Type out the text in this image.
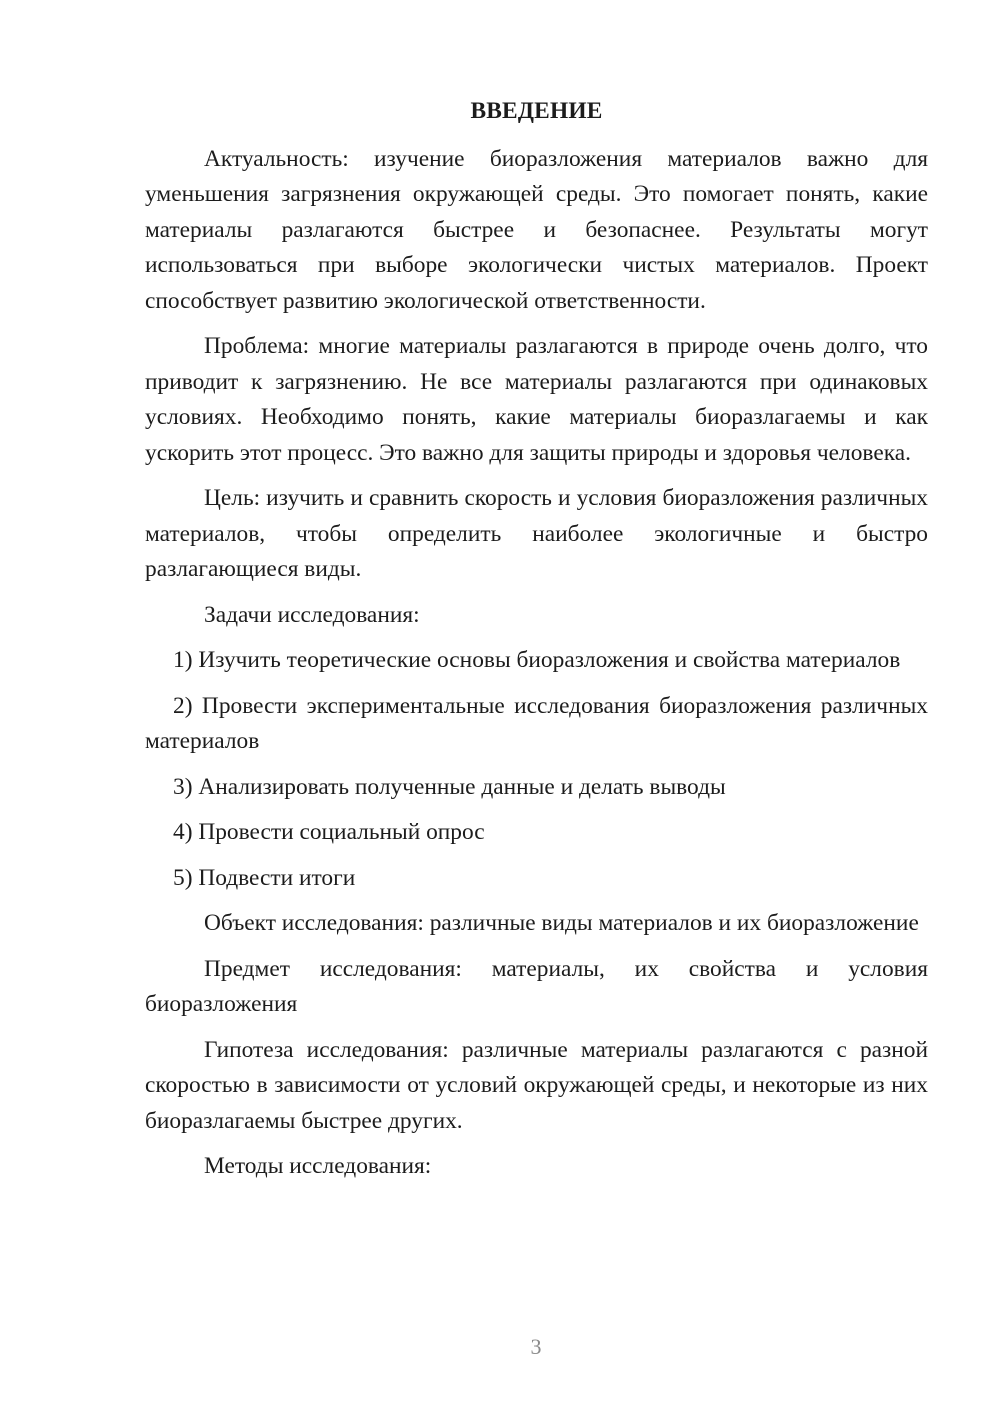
ВВЕДЕНИЕ

Актуальность: изучение биоразложения материалов важно для уменьшения загрязнения окружающей среды. Это помогает понять, какие материалы разлагаются быстрее и безопаснее. Результаты могут использоваться при выборе экологически чистых материалов. Проект способствует развитию экологической ответственности.

Проблема: многие материалы разлагаются в природе очень долго, что приводит к загрязнению. Не все материалы разлагаются при одинаковых условиях. Необходимо понять, какие материалы биоразлагаемы и как ускорить этот процесс. Это важно для защиты природы и здоровья человека.

Цель: изучить и сравнить скорость и условия биоразложения различных материалов, чтобы определить наиболее экологичные и быстро разлагающиеся виды.

Задачи исследования:

1) Изучить теоретические основы биоразложения и свойства материалов

2) Провести экспериментальные исследования биоразложения различных материалов

3) Анализировать полученные данные и делать выводы

4) Провести социальный опрос

5) Подвести итоги

Объект исследования: различные виды материалов и их биоразложение

Предмет исследования: материалы, их свойства и условия биоразложения

Гипотеза исследования: различные материалы разлагаются с разной скоростью в зависимости от условий окружающей среды, и некоторые из них биоразлагаемы быстрее других.

Методы исследования:

3
